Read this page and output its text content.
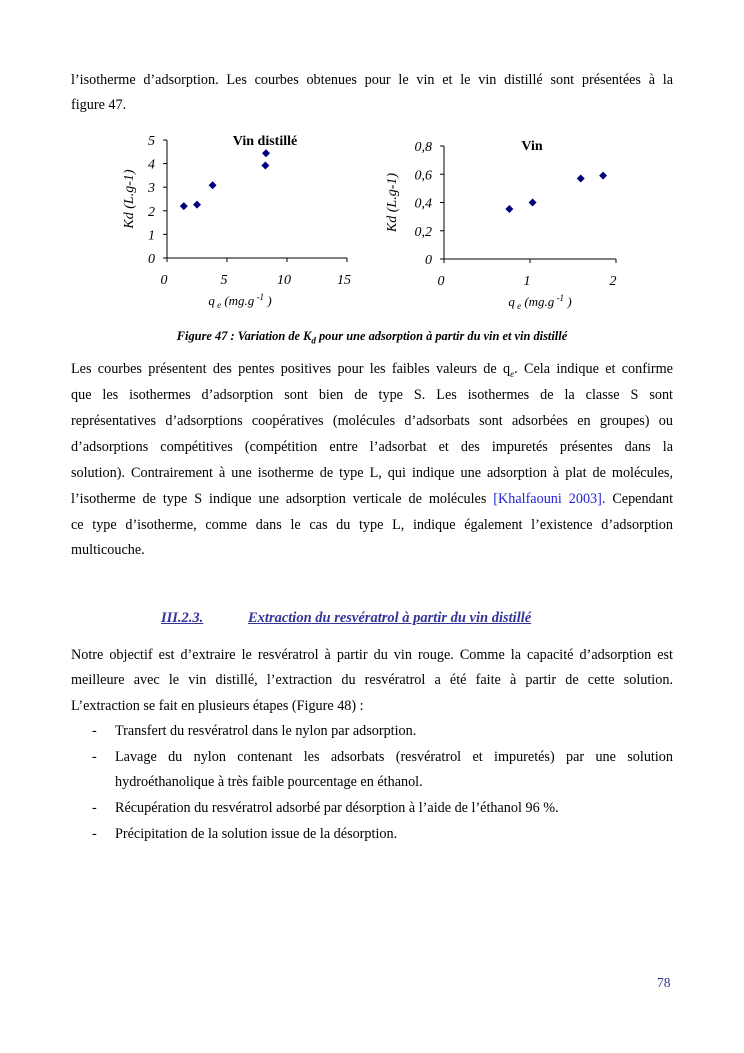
l’isotherme d’adsorption. Les courbes obtenues pour le vin et le vin distillé sont présentées à la
figure 47.
0	5	10	15
0
1
2
3
4
5	Vin distillé
q $_e$ (mg.g $^{-1}$ )
Kd (L.g-1)
0	1	2
0
0,2
0,4
0,6
0,8	Vin
q $_e$ (mg.g $^{-1}$ )
Kd (L.g-1)
Figure 47 : Variation de $K_d$ pour une adsorption à partir du vin et vin distillé
Les courbes présentent des pentes positives pour les faibles valeurs de $q_e$. Cela indique et confirme
que les isothermes d’adsorption sont bien de type S. Les isothermes de la classe S sont
représentatives d’adsorptions coopératives (molécules d’adsorbats sont adsorbées en groupes) ou
d’adsorptions compétitives (compétition entre l’adsorbat et des impuretés présentes dans la
solution). Contrairement à une isotherme de type L, qui indique une adsorption à plat de molécules,
l’isotherme de type S indique une adsorption verticale de molécules [Khalfaouni 2003]. Cependant
ce type d’isotherme, comme dans le cas du type L, indique également l’existence d’adsorption
multicouche.
III.2.3.	Extraction du resvératrol à partir du vin distillé
Notre objectif est d’extraire le resvératrol à partir du vin rouge. Comme la capacité d’adsorption est
meilleure avec le vin distillé, l’extraction du resvératrol a été faite à partir de cette solution.
L’extraction se fait en plusieurs étapes (Figure 48) :
- Transfert du resvératrol dans le nylon par adsorption.
- Lavage du nylon contenant les adsorbats (resvératrol et impuretés) par une solution
hydroéthanolique à très faible pourcentage en éthanol.
- Récupération du resvératrol adsorbé par désorption à l’aide de l’éthanol 96 %.
- Précipitation de la solution issue de la désorption.
78
